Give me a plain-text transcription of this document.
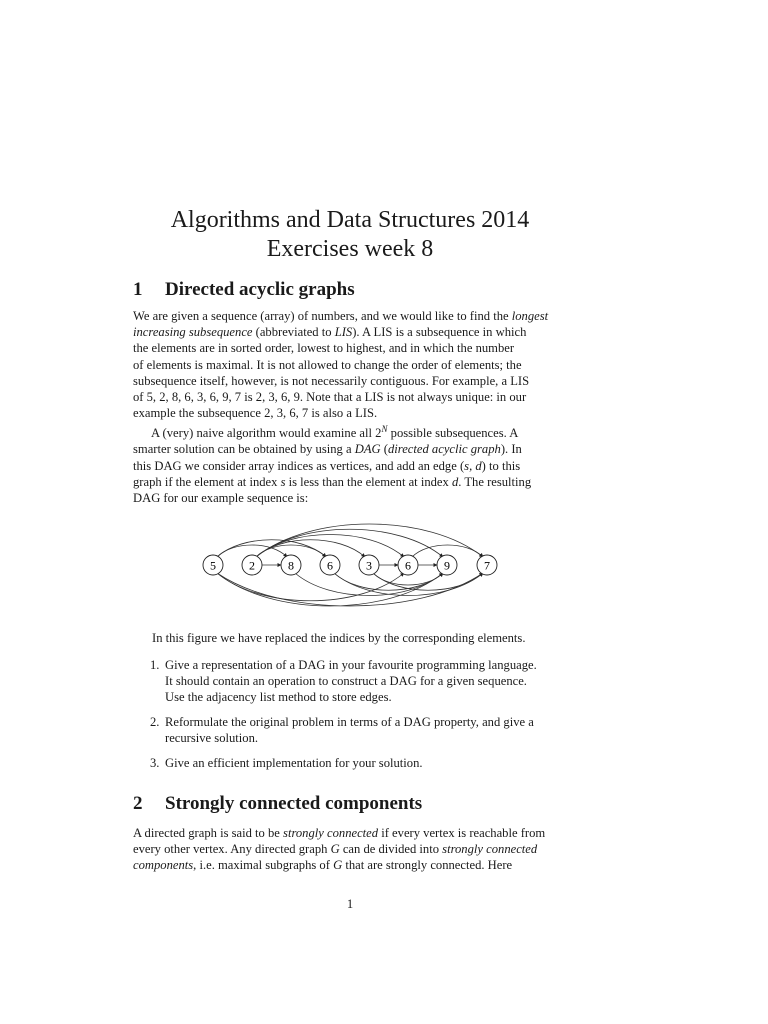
Algorithms and Data Structures 2014
Exercises week 8
1 Directed acyclic graphs
We are given a sequence (array) of numbers, and we would like to find the longest
increasing subsequence (abbreviated to LIS). A LIS is a subsequence in which
the elements are in sorted order, lowest to highest, and in which the number
of elements is maximal. It is not allowed to change the order of elements; the
subsequence itself, however, is not necessarily contiguous. For example, a LIS
of 5, 2, 8, 6, 3, 6, 9, 7 is 2, 3, 6, 9. Note that a LIS is not always unique: in our
example the subsequence 2, 3, 6, 7 is also a LIS.
A (very) naive algorithm would examine all $2^N$ possible subsequences. A
smarter solution can be obtained by using a DAG (directed acyclic graph). In
this DAG we consider array indices as vertices, and add an edge (s, d) to this
graph if the element at index s is less than the element at index d. The resulting
DAG for our example sequence is:
5	2	8	6	3	6	9	7
In this figure we have replaced the indices by the corresponding elements.
1. Give a representation of a DAG in your favourite programming language.
It should contain an operation to construct a DAG for a given sequence.
Use the adjacency list method to store edges.
2. Reformulate the original problem in terms of a DAG property, and give a
recursive solution.
3. Give an efficient implementation for your solution.
2 Strongly connected components
A directed graph is said to be strongly connected if every vertex is reachable from
every other vertex. Any directed graph G can de divided into strongly connected
components, i.e. maximal subgraphs of G that are strongly connected. Here
1
